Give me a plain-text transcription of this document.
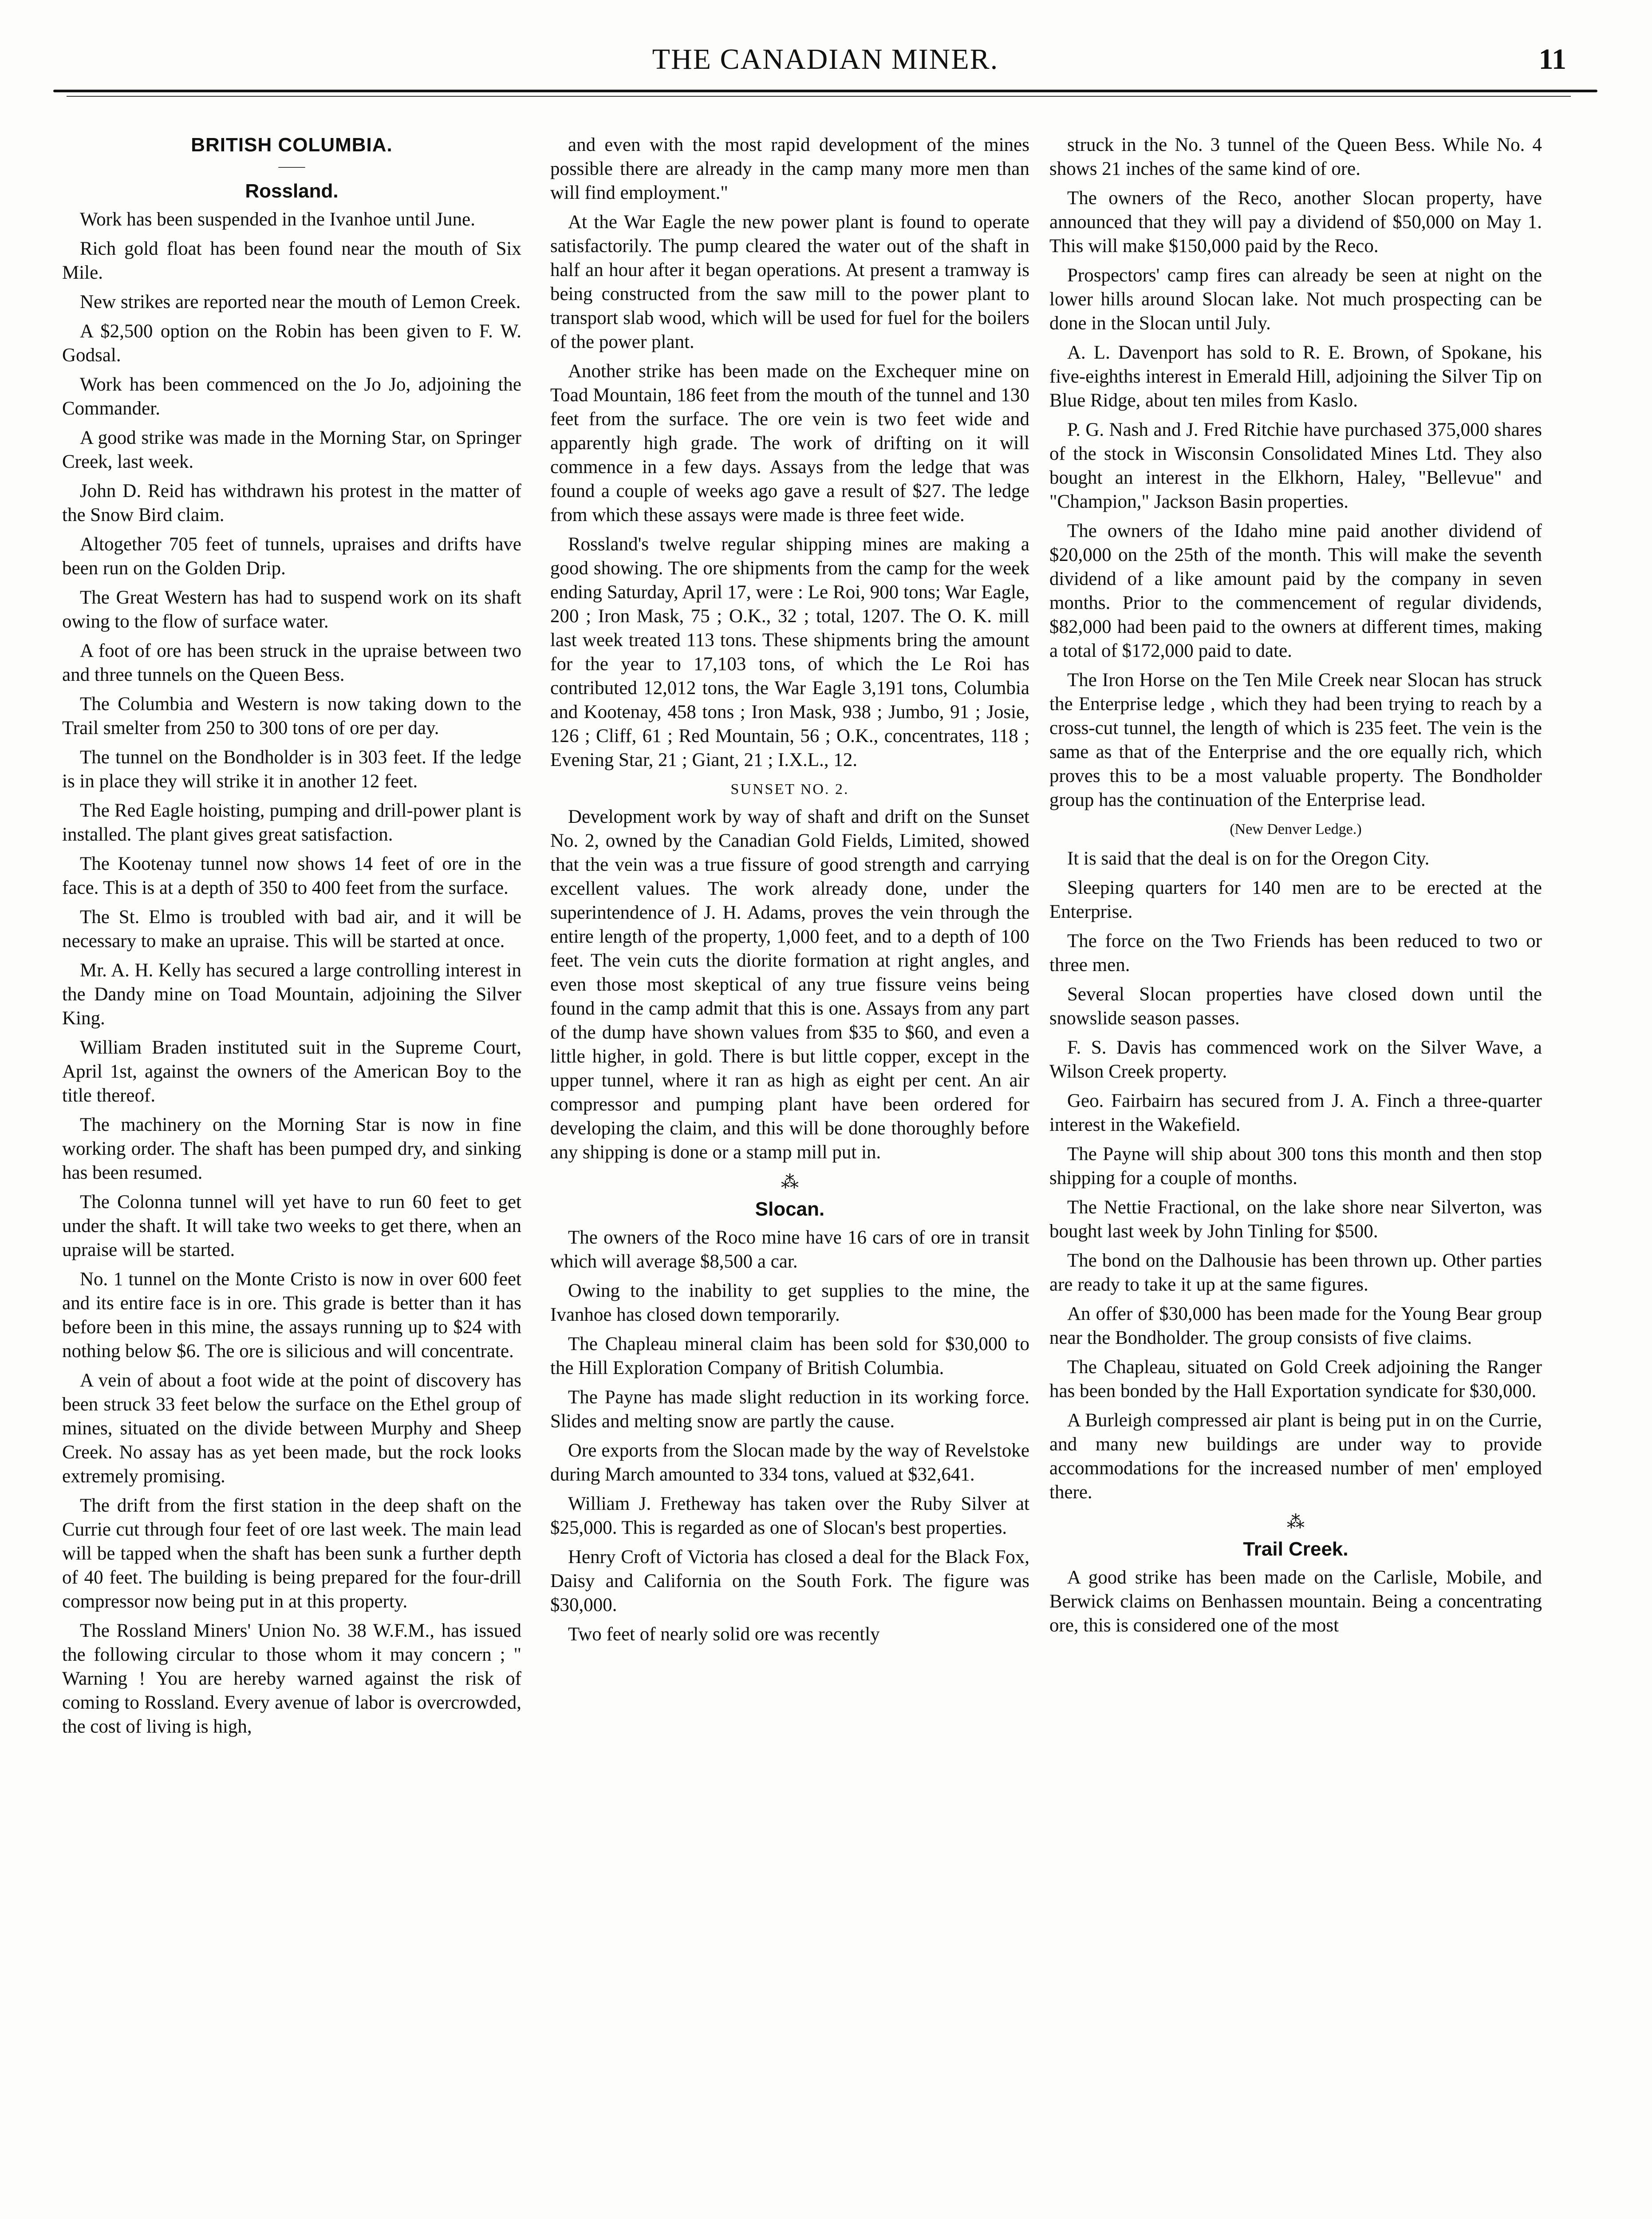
THE CANADIAN MINER.	11
BRITISH COLUMBIA.
——
Rossland.

Work has been suspended in the Ivanhoe until June.

Rich gold float has been found near the mouth of Six Mile.

New strikes are reported near the mouth of Lemon Creek.

A $2,500 option on the Robin has been given to F. W. Godsal.

Work has been commenced on the Jo Jo, adjoining the Commander.

A good strike was made in the Morning Star, on Springer Creek, last week.

John D. Reid has withdrawn his protest in the matter of the Snow Bird claim.

Altogether 705 feet of tunnels, upraises and drifts have been run on the Golden Drip.

The Great Western has had to suspend work on its shaft owing to the flow of surface water.

A foot of ore has been struck in the upraise between two and three tunnels on the Queen Bess.

The Columbia and Western is now taking down to the Trail smelter from 250 to 300 tons of ore per day.

The tunnel on the Bondholder is in 303 feet. If the ledge is in place they will strike it in another 12 feet.

The Red Eagle hoisting, pumping and drill-power plant is installed. The plant gives great satisfaction.

The Kootenay tunnel now shows 14 feet of ore in the face. This is at a depth of 350 to 400 feet from the surface.

The St. Elmo is troubled with bad air, and it will be necessary to make an upraise. This will be started at once.

Mr. A. H. Kelly has secured a large controlling interest in the Dandy mine on Toad Mountain, adjoining the Silver King.

William Braden instituted suit in the Supreme Court, April 1st, against the owners of the American Boy to the title thereof.

The machinery on the Morning Star is now in fine working order. The shaft has been pumped dry, and sinking has been resumed.

The Colonna tunnel will yet have to run 60 feet to get under the shaft. It will take two weeks to get there, when an upraise will be started.

No. 1 tunnel on the Monte Cristo is now in over 600 feet and its entire face is in ore. This grade is better than it has before been in this mine, the assays running up to $24 with nothing below $6. The ore is silicious and will concentrate.

A vein of about a foot wide at the point of discovery has been struck 33 feet below the surface on the Ethel group of mines, situated on the divide between Murphy and Sheep Creek. No assay has as yet been made, but the rock looks extremely promising.

The drift from the first station in the deep shaft on the Currie cut through four feet of ore last week. The main lead will be tapped when the shaft has been sunk a further depth of 40 feet. The building is being prepared for the four-drill compressor now being put in at this property.

The Rossland Miners' Union No. 38 W.F.M., has issued the following circular to those whom it may concern ; " Warning ! You are hereby warned against the risk of coming to Rossland. Every avenue of labor is overcrowded, the cost of living is high,

and even with the most rapid development of the mines possible there are already in the camp many more men than will find employment."

At the War Eagle the new power plant is found to operate satisfactorily. The pump cleared the water out of the shaft in half an hour after it began operations. At present a tramway is being constructed from the saw mill to the power plant to transport slab wood, which will be used for fuel for the boilers of the power plant.

Another strike has been made on the Exchequer mine on Toad Mountain, 186 feet from the mouth of the tunnel and 130 feet from the surface. The ore vein is two feet wide and apparently high grade. The work of drifting on it will commence in a few days. Assays from the ledge that was found a couple of weeks ago gave a result of $27. The ledge from which these assays were made is three feet wide.

Rossland's twelve regular shipping mines are making a good showing. The ore shipments from the camp for the week ending Saturday, April 17, were : Le Roi, 900 tons; War Eagle, 200 ; Iron Mask, 75 ; O.K., 32 ; total, 1207. The O. K. mill last week treated 113 tons. These shipments bring the amount for the year to 17,103 tons, of which the Le Roi has contributed 12,012 tons, the War Eagle 3,191 tons, Columbia and Kootenay, 458 tons ; Iron Mask, 938 ; Jumbo, 91 ; Josie, 126 ; Cliff, 61 ; Red Mountain, 56 ; O.K., concentrates, 118 ; Evening Star, 21 ; Giant, 21 ; I.X.L., 12.

SUNSET NO. 2.

Development work by way of shaft and drift on the Sunset No. 2, owned by the Canadian Gold Fields, Limited, showed that the vein was a true fissure of good strength and carrying excellent values. The work already done, under the superintendence of J. H. Adams, proves the vein through the entire length of the property, 1,000 feet, and to a depth of 100 feet. The vein cuts the diorite formation at right angles, and even those most skeptical of any true fissure veins being found in the camp admit that this is one. Assays from any part of the dump have shown values from $35 to $60, and even a little higher, in gold. There is but little copper, except in the upper tunnel, where it ran as high as eight per cent. An air compressor and pumping plant have been ordered for developing the claim, and this will be done thoroughly before any shipping is done or a stamp mill put in.

⁂
Slocan.

The owners of the Roco mine have 16 cars of ore in transit which will average $8,500 a car.

Owing to the inability to get supplies to the mine, the Ivanhoe has closed down temporarily.

The Chapleau mineral claim has been sold for $30,000 to the Hill Exploration Company of British Columbia.

The Payne has made slight reduction in its working force. Slides and melting snow are partly the cause.

Ore exports from the Slocan made by the way of Revelstoke during March amounted to 334 tons, valued at $32,641.

William J. Fretheway has taken over the Ruby Silver at $25,000. This is regarded as one of Slocan's best properties.

Henry Croft of Victoria has closed a deal for the Black Fox, Daisy and California on the South Fork. The figure was $30,000.

Two feet of nearly solid ore was recently

struck in the No. 3 tunnel of the Queen Bess. While No. 4 shows 21 inches of the same kind of ore.

The owners of the Reco, another Slocan property, have announced that they will pay a dividend of $50,000 on May 1. This will make $150,000 paid by the Reco.

Prospectors' camp fires can already be seen at night on the lower hills around Slocan lake. Not much prospecting can be done in the Slocan until July.

A. L. Davenport has sold to R. E. Brown, of Spokane, his five-eighths interest in Emerald Hill, adjoining the Silver Tip on Blue Ridge, about ten miles from Kaslo.

P. G. Nash and J. Fred Ritchie have purchased 375,000 shares of the stock in Wisconsin Consolidated Mines Ltd. They also bought an interest in the Elkhorn, Haley, "Bellevue" and "Champion," Jackson Basin properties.

The owners of the Idaho mine paid another dividend of $20,000 on the 25th of the month. This will make the seventh dividend of a like amount paid by the company in seven months. Prior to the commencement of regular dividends, $82,000 had been paid to the owners at different times, making a total of $172,000 paid to date.

The Iron Horse on the Ten Mile Creek near Slocan has struck the Enterprise ledge , which they had been trying to reach by a cross-cut tunnel, the length of which is 235 feet. The vein is the same as that of the Enterprise and the ore equally rich, which proves this to be a most valuable property. The Bondholder group has the continuation of the Enterprise lead.

(New Denver Ledge.)

It is said that the deal is on for the Oregon City.

Sleeping quarters for 140 men are to be erected at the Enterprise.

The force on the Two Friends has been reduced to two or three men.

Several Slocan properties have closed down until the snowslide season passes.

F. S. Davis has commenced work on the Silver Wave, a Wilson Creek property.

Geo. Fairbairn has secured from J. A. Finch a three-quarter interest in the Wakefield.

The Payne will ship about 300 tons this month and then stop shipping for a couple of months.

The Nettie Fractional, on the lake shore near Silverton, was bought last week by John Tinling for $500.

The bond on the Dalhousie has been thrown up. Other parties are ready to take it up at the same figures.

An offer of $30,000 has been made for the Young Bear group near the Bondholder. The group consists of five claims.

The Chapleau, situated on Gold Creek adjoining the Ranger has been bonded by the Hall Exportation syndicate for $30,000.

A Burleigh compressed air plant is being put in on the Currie, and many new buildings are under way to provide accommodations for the increased number of men' employed there.

⁂
Trail Creek.

A good strike has been made on the Carlisle, Mobile, and Berwick claims on Benhassen mountain. Being a concentrating ore, this is considered one of the most
